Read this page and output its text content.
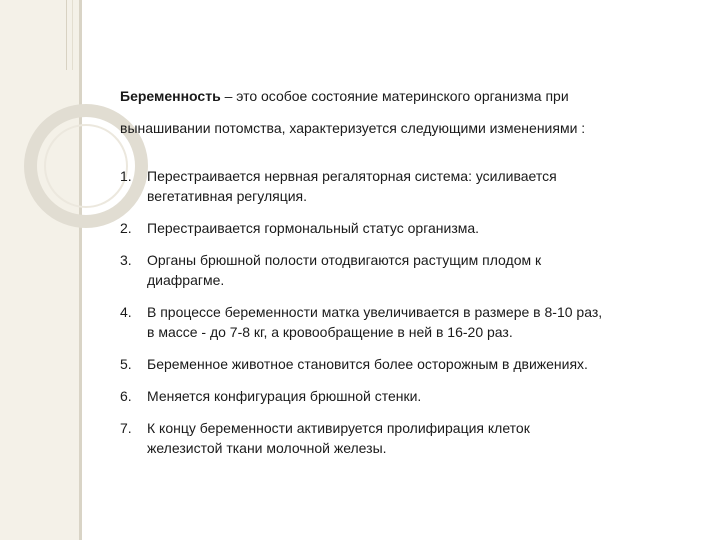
Беременность – это особое состояние материнского организма при
вынашивании потомства, характеризуется следующими изменениями :

1. Перестраивается нервная регаляторная система: усиливается
вегетативная регуляция.
2. Перестраивается гормональный статус организма.
3. Органы брюшной полости отодвигаются растущим плодом к
диафрагме.
4. В процессе беременности матка увеличивается в размере в 8-10 раз,
в массе - до 7-8 кг, а кровообращение в ней в 16-20 раз.
5. Беременное животное становится более осторожным в движениях.
6. Меняется конфигурация брюшной стенки.
7. К концу беременности активируется пролифирация клеток
железистой ткани молочной железы.
